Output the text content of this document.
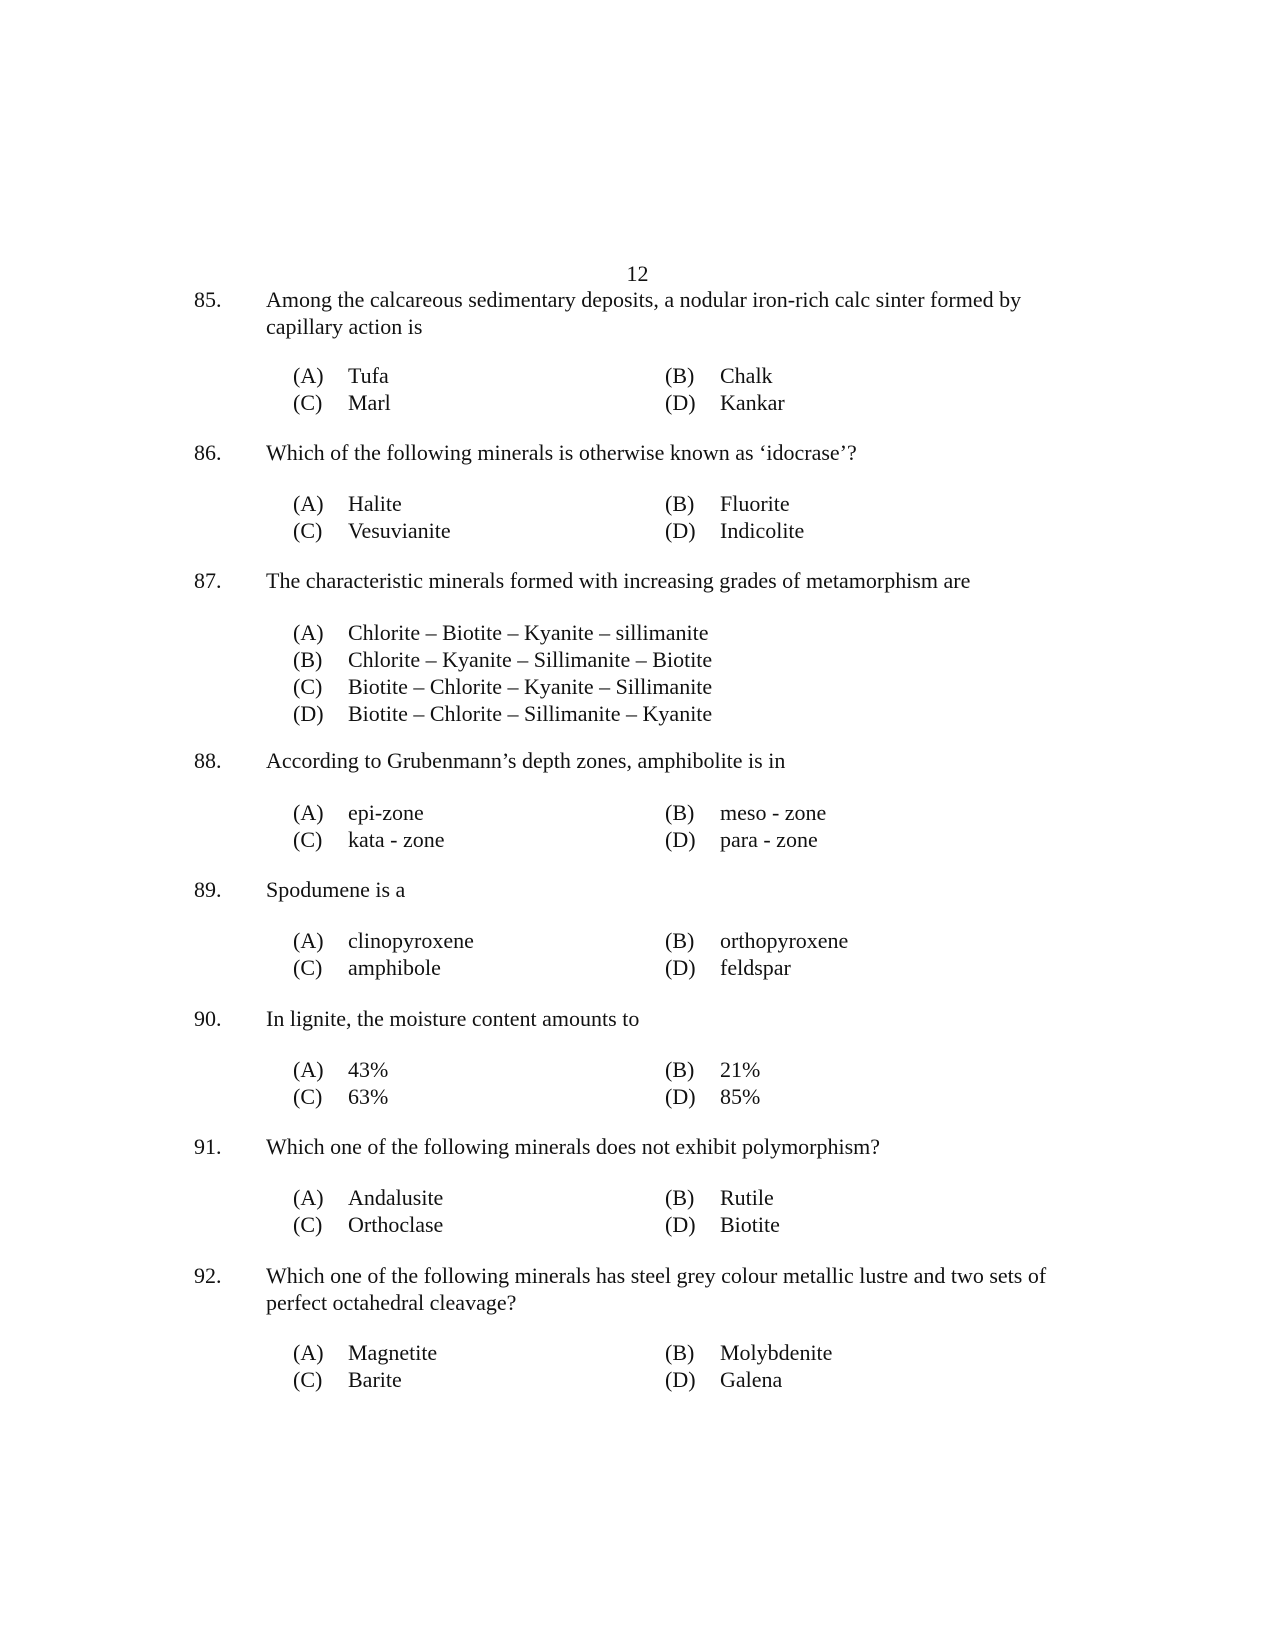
12
85. Among the calcareous sedimentary deposits, a nodular iron-rich calc sinter formed by capillary action is
(A) Tufa	(B) Chalk
(C) Marl	(D) Kankar
86. Which of the following minerals is otherwise known as ‘idocrase’?
(A) Halite	(B) Fluorite
(C) Vesuvianite	(D) Indicolite
87. The characteristic minerals formed with increasing grades of metamorphism are
(A) Chlorite – Biotite – Kyanite – sillimanite
(B) Chlorite – Kyanite – Sillimanite – Biotite
(C) Biotite – Chlorite – Kyanite – Sillimanite
(D) Biotite – Chlorite – Sillimanite – Kyanite
88. According to Grubenmann’s depth zones, amphibolite is in
(A) epi-zone	(B) meso - zone
(C) kata - zone	(D) para - zone
89. Spodumene is a
(A) clinopyroxene	(B) orthopyroxene
(C) amphibole	(D) feldspar
90. In lignite, the moisture content amounts to
(A) 43%	(B) 21%
(C) 63%	(D) 85%
91. Which one of the following minerals does not exhibit polymorphism?
(A) Andalusite	(B) Rutile
(C) Orthoclase	(D) Biotite
92. Which one of the following minerals has steel grey colour metallic lustre and two sets of perfect octahedral cleavage?
(A) Magnetite	(B) Molybdenite
(C) Barite	(D) Galena
